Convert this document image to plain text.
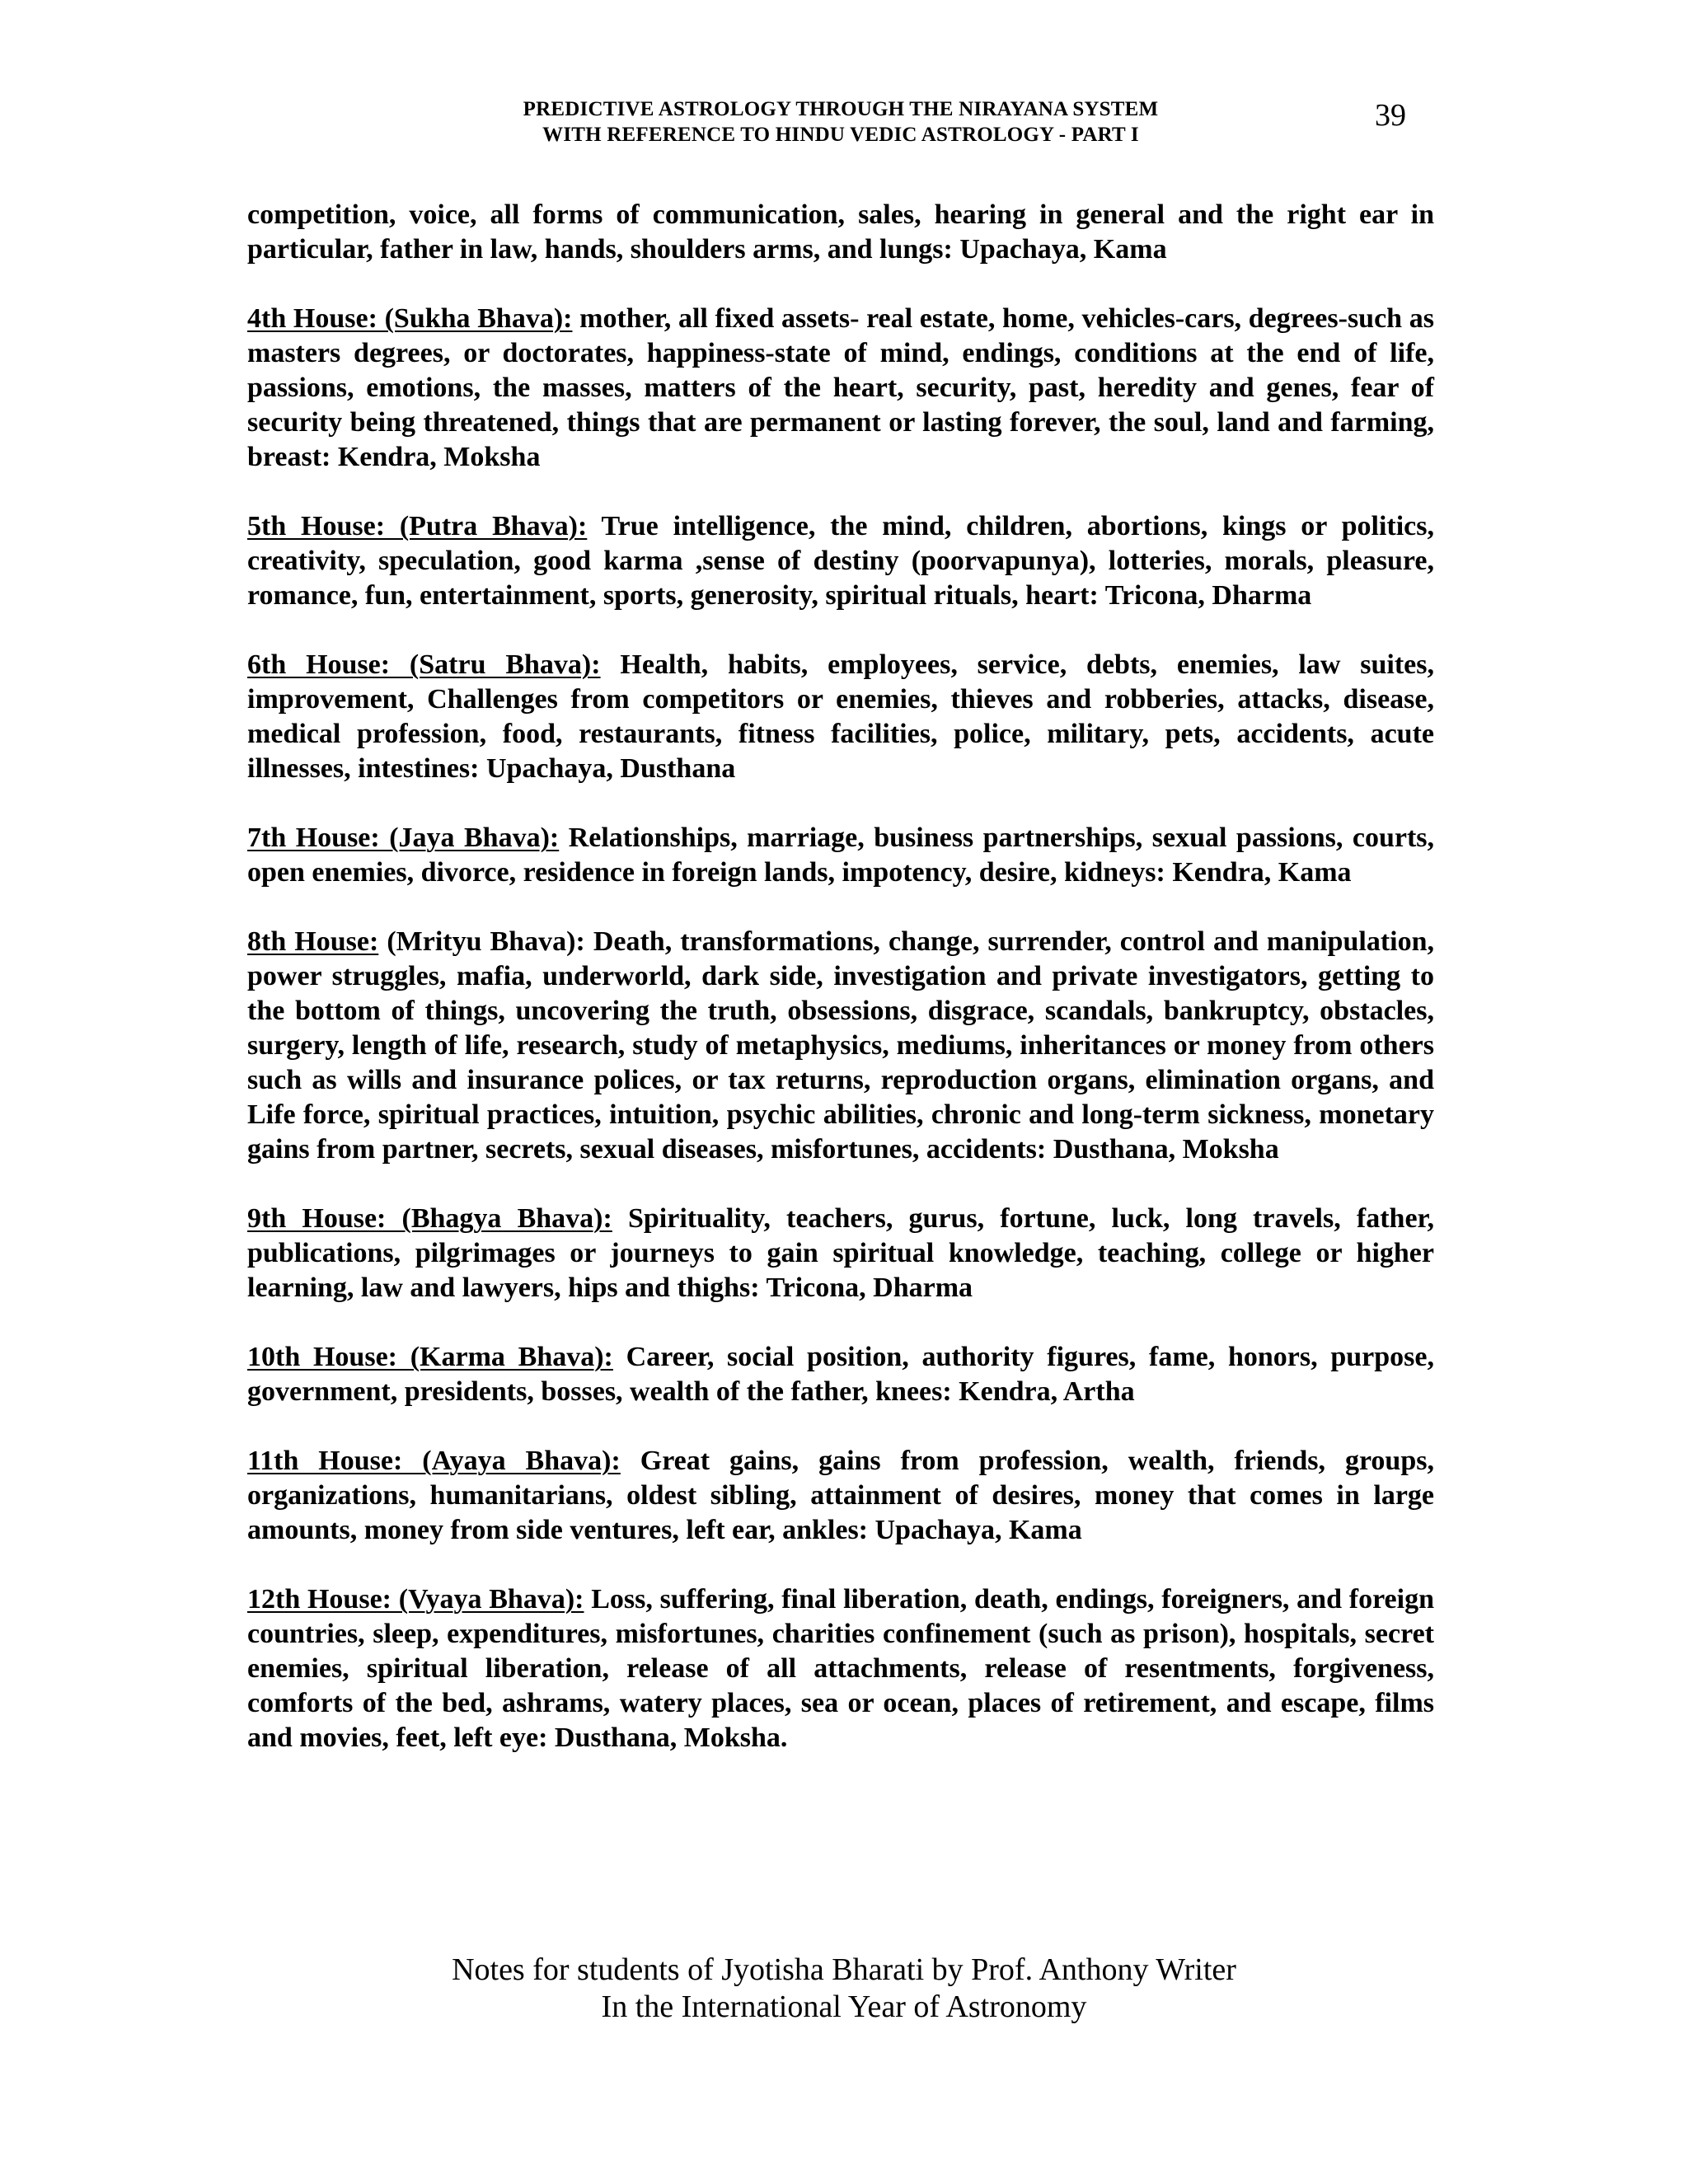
PREDICTIVE ASTROLOGY THROUGH THE NIRAYANA SYSTEM
WITH REFERENCE TO HINDU VEDIC ASTROLOGY - PART I
39

competition, voice, all forms of communication, sales, hearing in general and the right ear in particular, father in law, hands, shoulders arms, and lungs: Upachaya, Kama

4th House: (Sukha Bhava): mother, all fixed assets- real estate, home, vehicles-cars, degrees-such as masters degrees, or doctorates, happiness-state of mind, endings, conditions at the end of life, passions, emotions, the masses, matters of the heart, security, past, heredity and genes, fear of security being threatened, things that are permanent or lasting forever, the soul, land and farming, breast: Kendra, Moksha

5th House: (Putra Bhava): True intelligence, the mind, children, abortions, kings or politics, creativity, speculation, good karma ,sense of destiny (poorvapunya), lotteries, morals, pleasure, romance, fun, entertainment, sports, generosity, spiritual rituals, heart: Tricona, Dharma

6th House: (Satru Bhava): Health, habits, employees, service, debts, enemies, law suites, improvement, Challenges from competitors or enemies, thieves and robberies, attacks, disease, medical profession, food, restaurants, fitness facilities, police, military, pets, accidents, acute illnesses, intestines: Upachaya, Dusthana

7th House: (Jaya Bhava): Relationships, marriage, business partnerships, sexual passions, courts, open enemies, divorce, residence in foreign lands, impotency, desire, kidneys: Kendra, Kama

8th House: (Mrityu Bhava): Death, transformations, change, surrender, control and manipulation, power struggles, mafia, underworld, dark side, investigation and private investigators, getting to the bottom of things, uncovering the truth, obsessions, disgrace, scandals, bankruptcy, obstacles, surgery, length of life, research, study of metaphysics, mediums, inheritances or money from others such as wills and insurance polices, or tax returns, reproduction organs, elimination organs, and Life force, spiritual practices, intuition, psychic abilities, chronic and long-term sickness, monetary gains from partner, secrets, sexual diseases, misfortunes, accidents: Dusthana, Moksha

9th House: (Bhagya Bhava): Spirituality, teachers, gurus, fortune, luck, long travels, father, publications, pilgrimages or journeys to gain spiritual knowledge, teaching, college or higher learning, law and lawyers, hips and thighs: Tricona, Dharma

10th House: (Karma Bhava): Career, social position, authority figures, fame, honors, purpose, government, presidents, bosses, wealth of the father, knees: Kendra, Artha

11th House: (Ayaya Bhava): Great gains, gains from profession, wealth, friends, groups, organizations, humanitarians, oldest sibling, attainment of desires, money that comes in large amounts, money from side ventures, left ear, ankles: Upachaya, Kama

12th House: (Vyaya Bhava): Loss, suffering, final liberation, death, endings, foreigners, and foreign countries, sleep, expenditures, misfortunes, charities confinement (such as prison), hospitals, secret enemies, spiritual liberation, release of all attachments, release of resentments, forgiveness, comforts of the bed, ashrams, watery places, sea or ocean, places of retirement, and escape, films and movies, feet, left eye: Dusthana, Moksha.

Notes for students of Jyotisha Bharati by Prof. Anthony Writer
In the International Year of Astronomy
